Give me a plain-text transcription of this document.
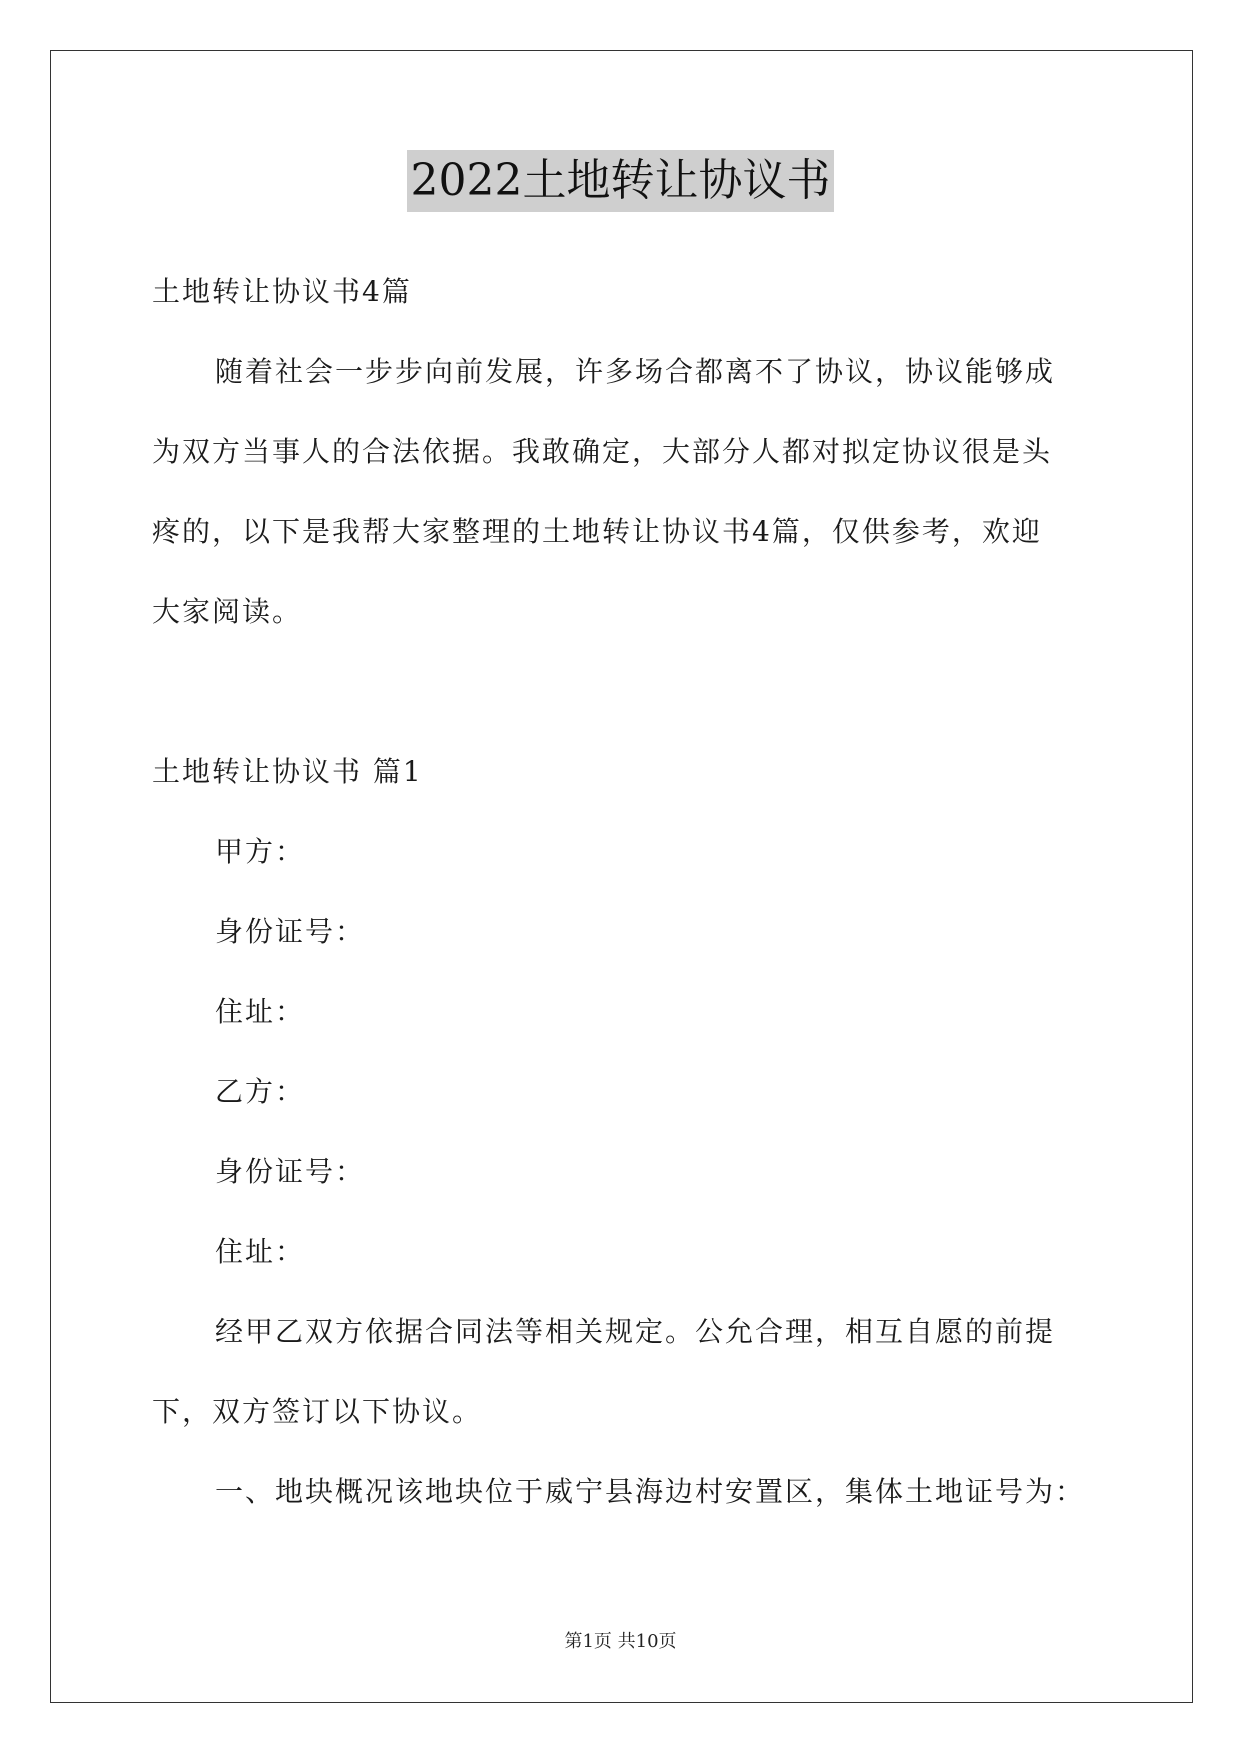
2022土地转让协议书
土地转让协议书4篇
随着社会一步步向前发展，许多场合都离不了协议，协议能够成
为双方当事人的合法依据。我敢确定，大部分人都对拟定协议很是头
疼的，以下是我帮大家整理的土地转让协议书4篇，仅供参考，欢迎
大家阅读。
土地转让协议书 篇1
甲方：
身份证号：
住址：
乙方：
身份证号：
住址：
经甲乙双方依据合同法等相关规定。公允合理，相互自愿的前提
下，双方签订以下协议。
一、地块概况该地块位于威宁县海边村安置区，集体土地证号为：
第1页 共10页
